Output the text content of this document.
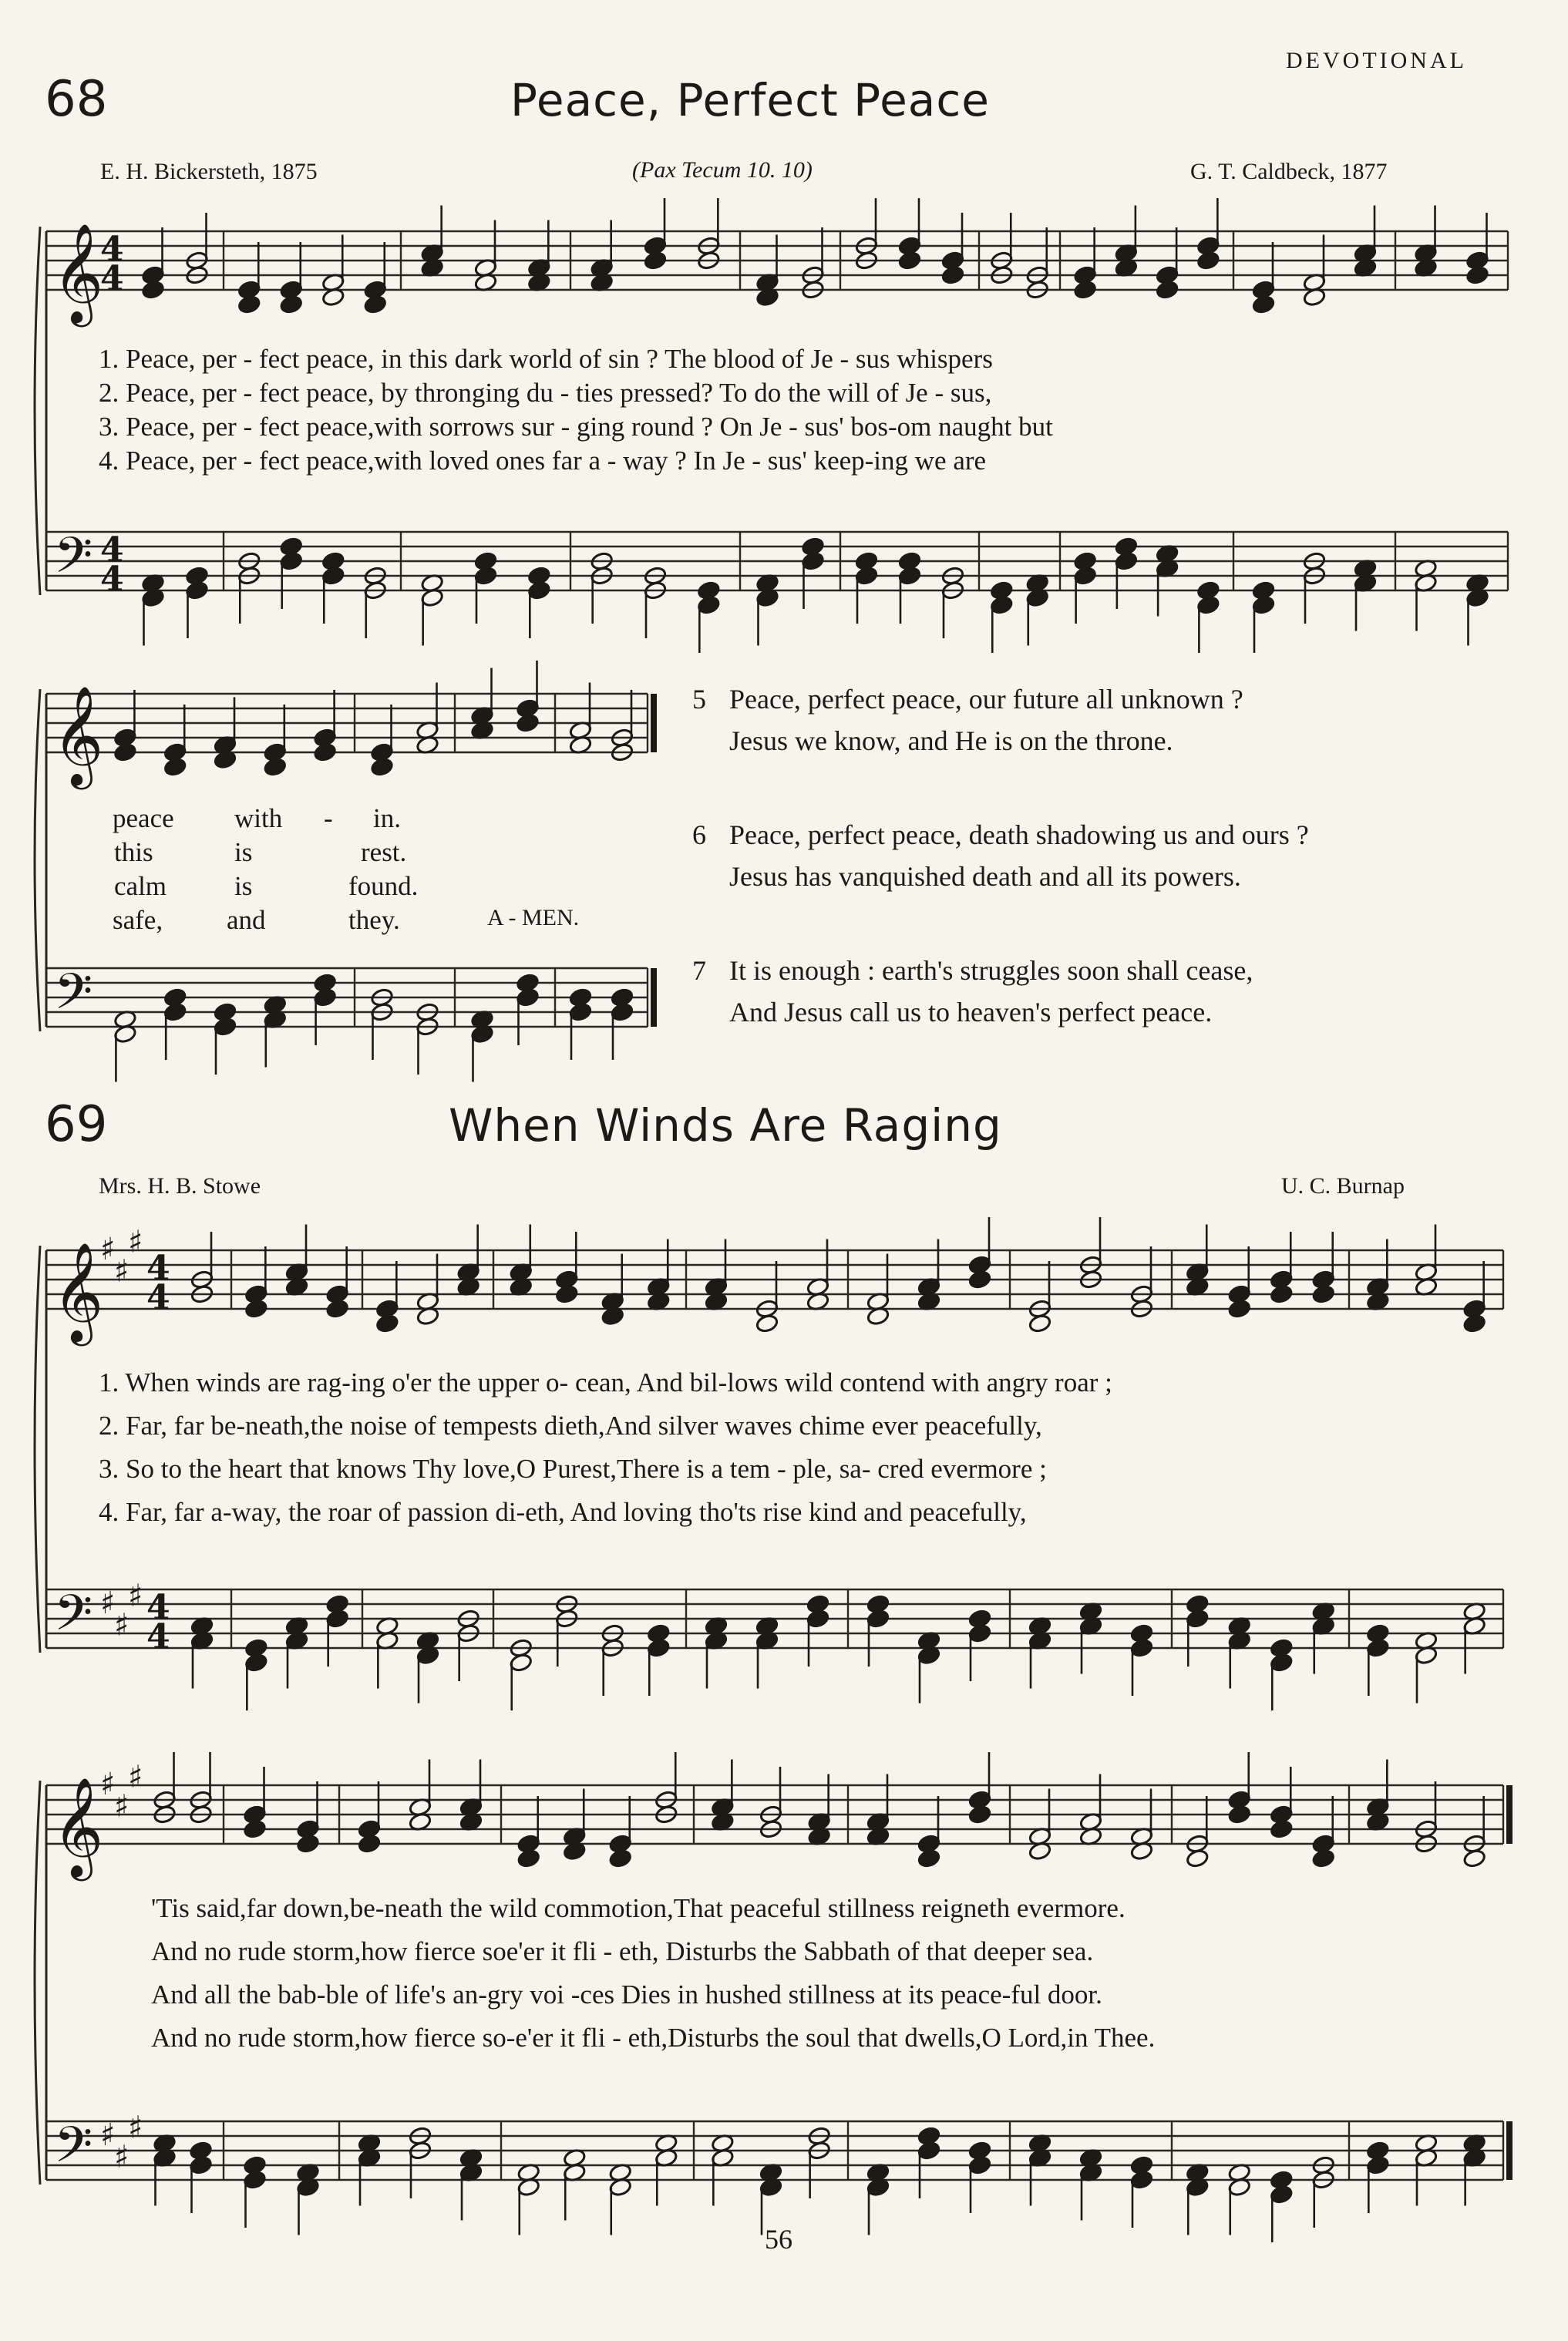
DEVOTIONAL
68	Peace, Perfect Peace
E. H. Bickersteth, 1875	(Pax Tecum 10. 10)	G. T. Caldbeck, 1877
1. Peace, per - fect peace, in this dark world of sin ? The blood of Je - sus whispers
2. Peace, per - fect peace, by thronging du - ties pressed? To do the will of Je - sus,
3. Peace, per - fect peace,with sorrows sur - ging round ? On Je - sus' bos-om naught but
4. Peace, per - fect peace,with loved ones far a - way ? In Je - sus' keep-ing we are
peace with - in.
this	is	rest.
calm	is	found.
safe, and	they.	A - MEN.
5 Peace, perfect peace, our future all unknown ?
Jesus we know, and He is on the throne.
6 Peace, perfect peace, death shadowing us and ours ?
Jesus has vanquished death and all its powers.
7 It is enough : earth's struggles soon shall cease,
And Jesus call us to heaven's perfect peace.
69	When Winds Are Raging
Mrs. H. B. Stowe	U. C. Burnap
1. When winds are rag-ing o'er the upper o- cean, And bil-lows wild contend with angry roar ;
2. Far, far be-neath,the noise of tempests dieth,And silver waves chime ever peacefully,
3. So to the heart that knows Thy love,O Purest,There is a tem - ple, sa- cred evermore ;
4. Far, far a-way, the roar of passion di-eth, And loving tho'ts rise kind and peacefully,
'Tis said,far down,be-neath the wild commotion,That peaceful stillness reigneth evermore.
And no rude storm,how fierce soe'er it fli - eth, Disturbs the Sabbath of that deeper sea.
And all the bab-ble of life's an-gry voi -ces Dies in hushed stillness at its peace-ful door.
And no rude storm,how fierce so-e'er it fli - eth,Disturbs the soul that dwells,O Lord,in Thee.
56
𝄞
𝄢
4
4
4
4
𝄞
𝄢
𝄞
𝄢
♯
♯
♯
♯
♯
♯
4
4
4
4
𝄞
𝄢
♯
♯
♯
♯
♯
♯
